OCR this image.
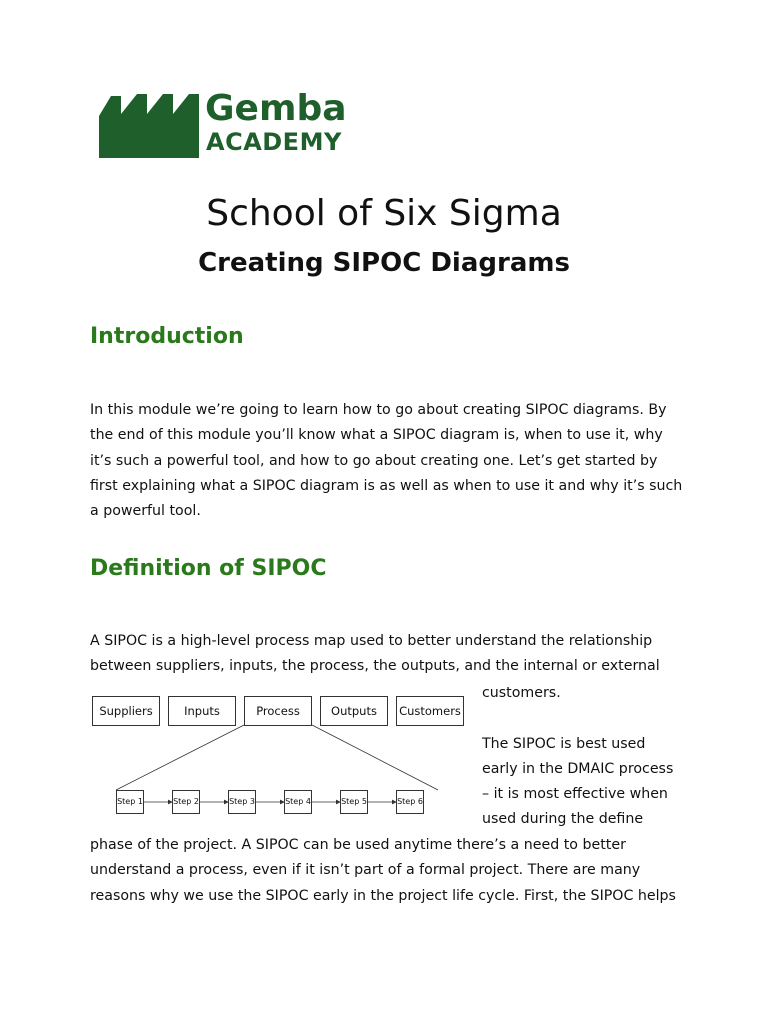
Gemba
ACADEMY
School of Six Sigma
Creating SIPOC Diagrams
Introduction
In this module we’re going to learn how to go about creating SIPOC diagrams. By
the end of this module you’ll know what a SIPOC diagram is, when to use it, why
it’s such a powerful tool, and how to go about creating one. Let’s get started by
first explaining what a SIPOC diagram is as well as when to use it and why it’s such
a powerful tool.
Definition of SIPOC
A SIPOC is a high-level process map used to better understand the relationship
between suppliers, inputs, the process, the outputs, and the internal or external
customers.
The SIPOC is best used
early in the DMAIC process
– it is most effective when
used during the define
phase of the project. A SIPOC can be used anytime there’s a need to better
understand a process, even if it isn’t part of a formal project. There are many
reasons why we use the SIPOC early in the project life cycle. First, the SIPOC helps
Suppliers	Inputs	Process	Outputs	Customers
Step 1	Step 2	Step 3	Step 4	Step 5	Step 6
